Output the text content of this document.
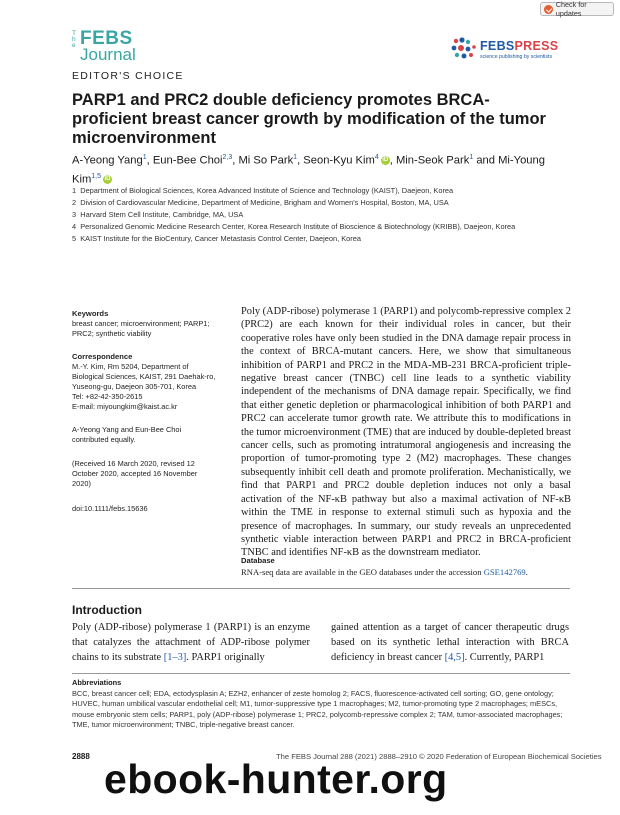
Check for updates
The FEBS
Journal
EDITOR'S CHOICE
FEBSPRESS
science publishing by scientists
PARP1 and PRC2 double deficiency promotes BRCA-proficient breast cancer growth by modification of the tumor microenvironment
A-Yeong Yang$^1$, Eun-Bee Choi$^{2,3}$, Mi So Park$^1$, Seon-Kyu Kim$^4$ iD , Min-Seok Park$^1$ and Mi-Young Kim$^{1,5}$ iD
1 Department of Biological Sciences, Korea Advanced Institute of Science and Technology (KAIST), Daejeon, Korea
2 Division of Cardiovascular Medicine, Department of Medicine, Brigham and Women's Hospital, Boston, MA, USA
3 Harvard Stem Cell Institute, Cambridge, MA, USA
4 Personalized Genomic Medicine Research Center, Korea Research Institute of Bioscience & Biotechnology (KRIBB), Daejeon, Korea
5 KAIST Institute for the BioCentury, Cancer Metastasis Control Center, Daejeon, Korea
Keywords

breast cancer; microenvironment; PARP1;

PRC2; synthetic viability

Correspondence

M.-Y. Kim, Rm 5204, Department of

Biological Sciences, KAIST, 291 Daehak-ro,

Yuseong-gu, Daejeon 305-701, Korea

Tel: +82-42-350-2615

E-mail: miyoungkim@kaist.ac.kr

A-Yeong Yang and Eun-Bee Choi

contributed equally.

(Received 16 March 2020, revised 12

October 2020, accepted 16 November

2020)

doi:10.1111/febs.15636

Poly (ADP-ribose) polymerase 1 (PARP1) and polycomb-repressive complex 2 (PRC2) are each known for their individual roles in cancer, but their cooperative roles have only been studied in the DNA damage repair process in the context of BRCA-mutant cancers. Here, we show that simultaneous inhibition of PARP1 and PRC2 in the MDA-MB-231 BRCA-proficient triple-negative breast cancer (TNBC) cell line leads to a synthetic viability independent of the mechanisms of DNA damage repair. Specifically, we find that either genetic depletion or pharmacological inhibition of both PARP1 and PRC2 can accelerate tumor growth rate. We attribute this to modifications in the tumor microenvironment (TME) that are induced by double-depleted breast cancer cells, such as promoting intratumoral angiogenesis and increasing the proportion of tumor-promoting type 2 (M2) macrophages. These changes subsequently inhibit cell death and promote proliferation. Mechanistically, we find that PARP1 and PRC2 double depletion induces not only a basal activation of the NF-κB pathway but also a maximal activation of NF-κB within the TME in response to external stimuli such as hypoxia and the presence of macrophages. In summary, our study reveals an unprecedented synthetic viable interaction between PARP1 and PRC2 in BRCA-proficient TNBC and identifies NF-κB as the downstream mediator.

Database
RNA-seq data are available in the GEO databases under the accession GSE142769.
Introduction

Poly (ADP-ribose) polymerase 1 (PARP1) is an enzyme that catalyzes the attachment of ADP-ribose polymer chains to its substrate [1–3]. PARP1 originally

gained attention as a target of cancer therapeutic drugs based on its synthetic lethal interaction with BRCA deficiency in breast cancer [4,5]. Currently, PARP1

Abbreviations

BCC, breast cancer cell; EDA, ectodysplasin A; EZH2, enhancer of zeste homolog 2; FACS, fluorescence-activated cell sorting; GO, gene ontology; HUVEC, human umbilical vascular endothelial cell; M1, tumor-suppressive type 1 macrophages; M2, tumor-promoting type 2 macrophages; mESCs, mouse embryonic stem cells; PARP1, poly (ADP-ribose) polymerase 1; PRC2, polycomb-repressive complex 2; TAM, tumor-associated macrophages; TME, tumor microenvironment; TNBC, triple-negative breast cancer.

2888	The FEBS Journal 288 (2021) 2888–2910 © 2020 Federation of European Biochemical Societies
ebook-hunter.org
